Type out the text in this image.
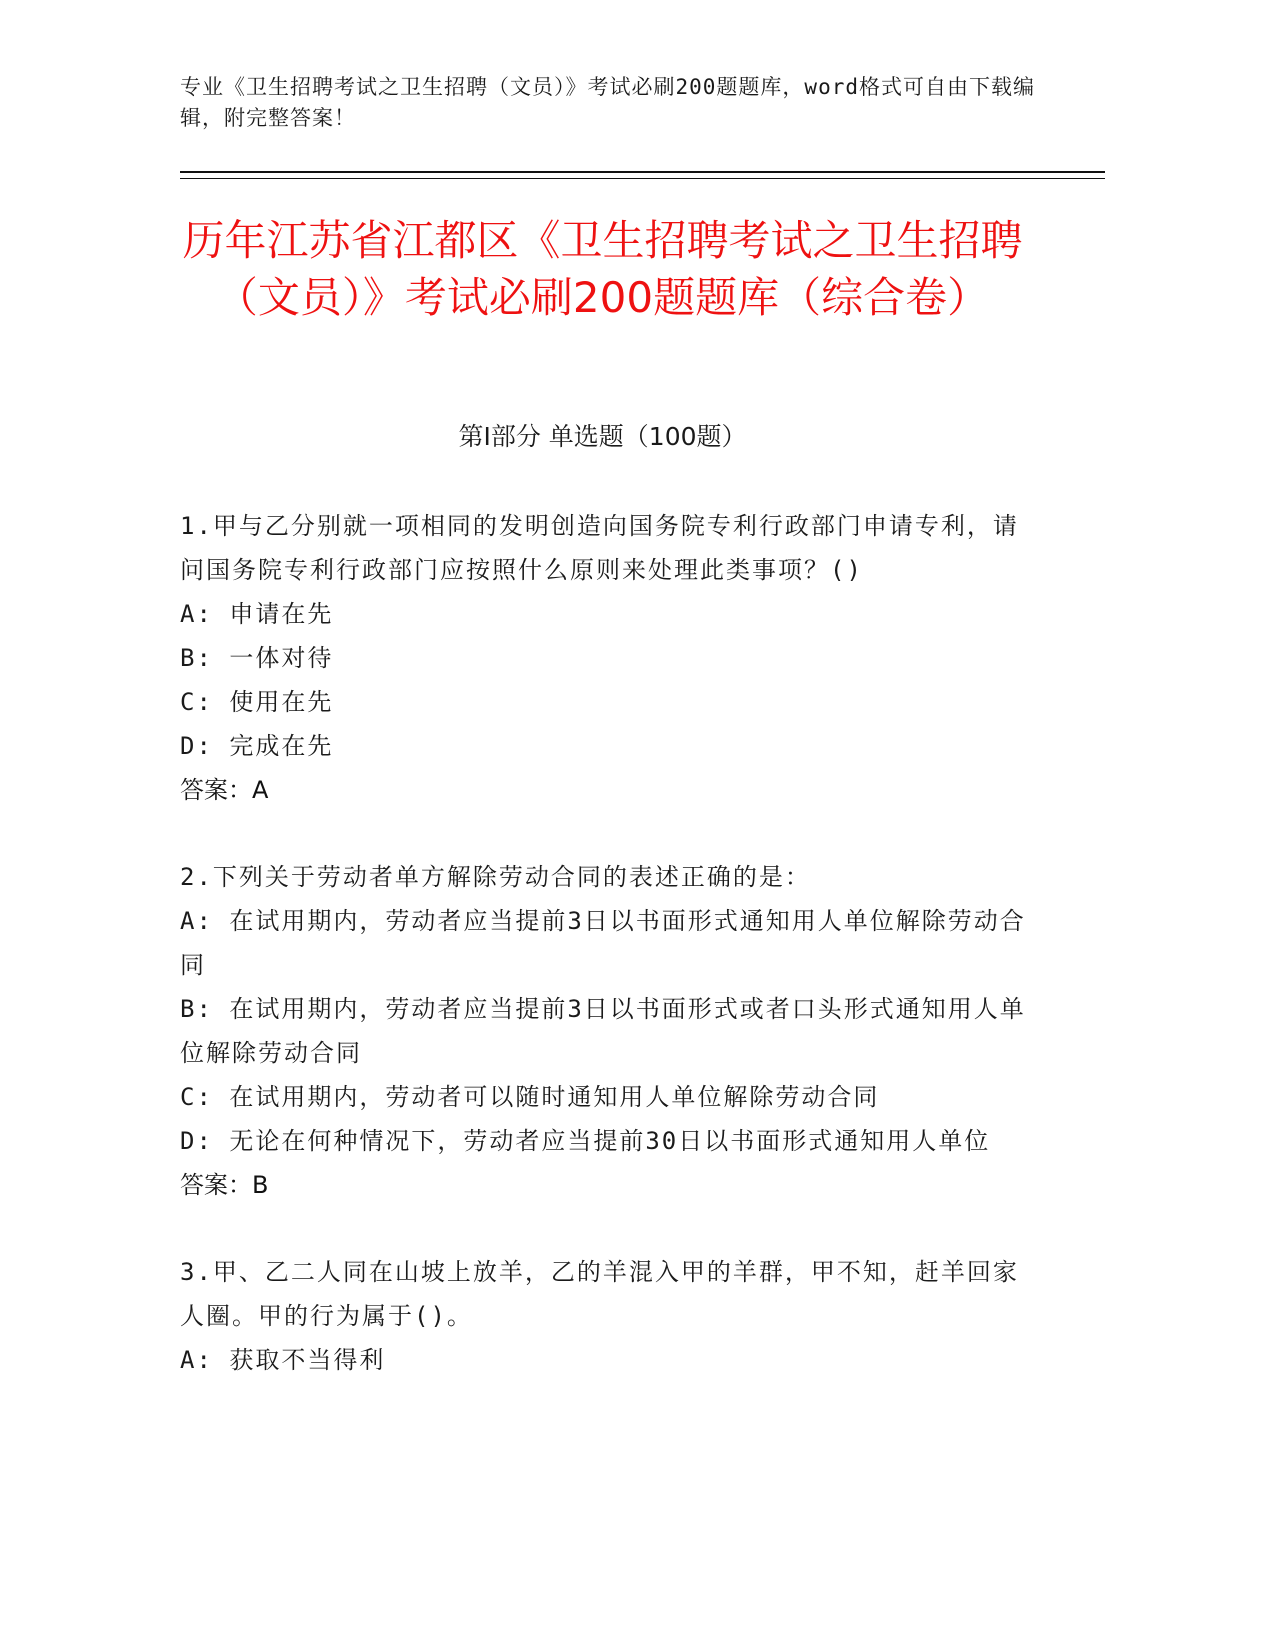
专业《卫生招聘考试之卫生招聘（文员）》考试必刷200题题库，word格式可自由下载编辑，附完整答案！
历年江苏省江都区《卫生招聘考试之卫生招聘（文员）》考试必刷200题题库（综合卷）
第I部分 单选题（100题）
1.甲与乙分别就一项相同的发明创造向国务院专利行政部门申请专利，请问国务院专利行政部门应按照什么原则来处理此类事项？()
A: 申请在先
B: 一体对待
C: 使用在先
D: 完成在先
答案：A
2.下列关于劳动者单方解除劳动合同的表述正确的是：
A: 在试用期内，劳动者应当提前3日以书面形式通知用人单位解除劳动合同
B: 在试用期内，劳动者应当提前3日以书面形式或者口头形式通知用人单位解除劳动合同
C: 在试用期内，劳动者可以随时通知用人单位解除劳动合同
D: 无论在何种情况下，劳动者应当提前30日以书面形式通知用人单位
答案：B
3.甲、乙二人同在山坡上放羊，乙的羊混入甲的羊群，甲不知，赶羊回家人圈。甲的行为属于()。
A: 获取不当得利
